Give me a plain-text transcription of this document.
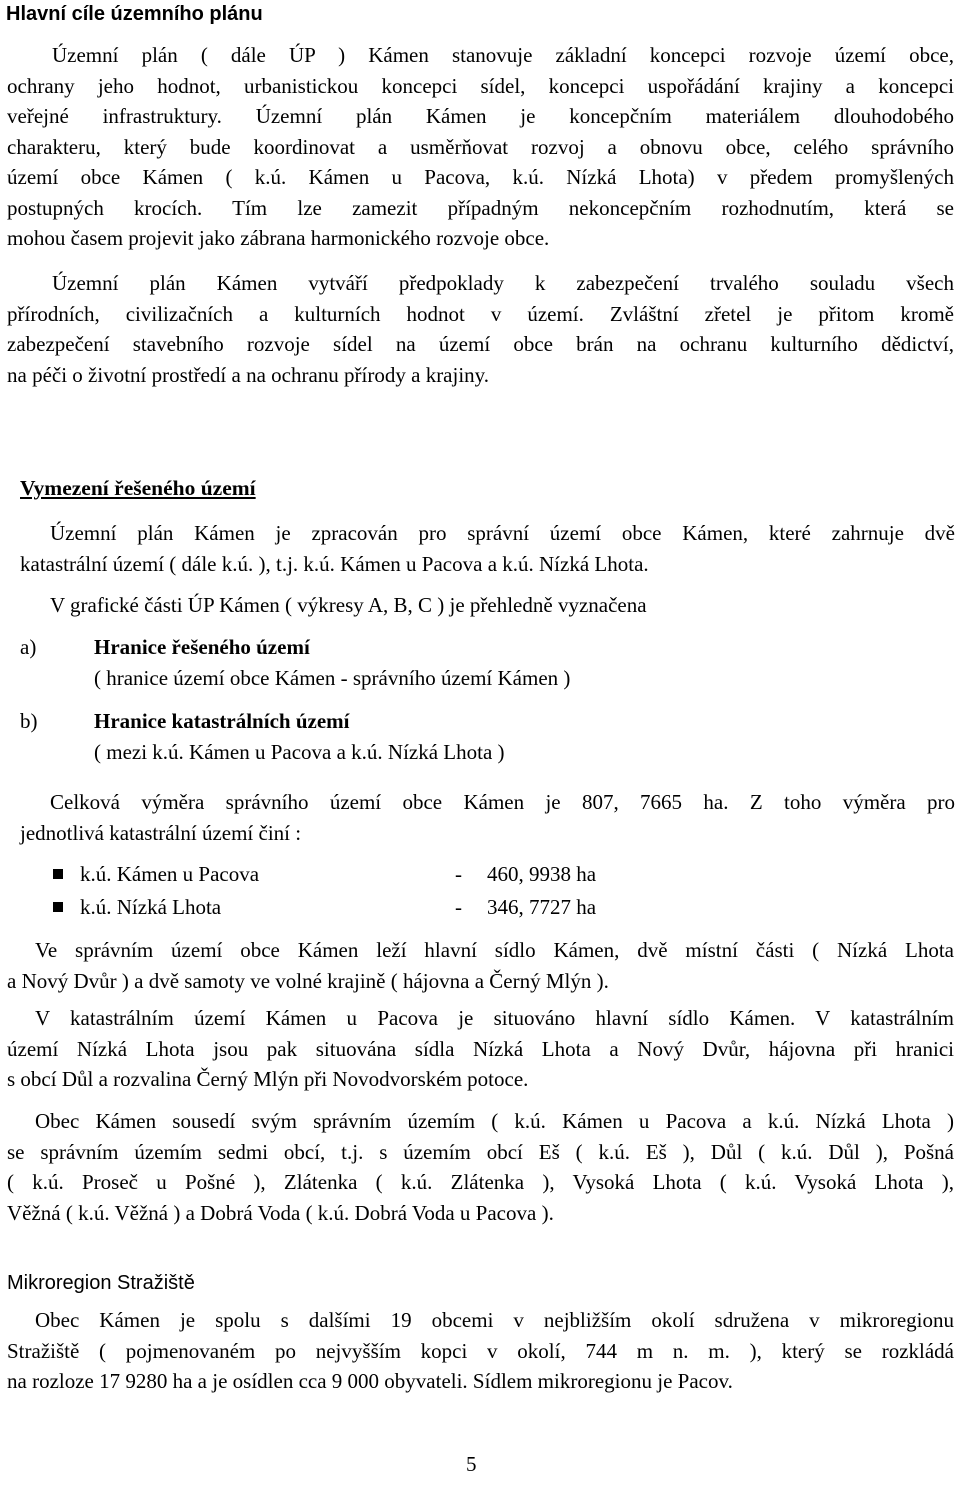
Hlavní cíle územního plánu
Územní plán ( dále ÚP ) Kámen stanovuje základní koncepci rozvoje území obce,
ochrany jeho hodnot, urbanistickou koncepci sídel, koncepci uspořádání krajiny a koncepci
veřejné infrastruktury. Územní plán Kámen je koncepčním materiálem dlouhodobého
charakteru, který bude koordinovat a usměrňovat rozvoj a obnovu obce, celého správního
území obce Kámen ( k.ú. Kámen u Pacova, k.ú. Nízká Lhota) v předem promyšlených
postupných krocích. Tím lze zamezit případným nekoncepčním rozhodnutím, která se
mohou časem projevit jako zábrana harmonického rozvoje obce.
Územní plán Kámen vytváří předpoklady k zabezpečení trvalého souladu všech
přírodních, civilizačních a kulturních hodnot v území. Zvláštní zřetel je přitom kromě
zabezpečení stavebního rozvoje sídel na území obce brán na ochranu kulturního dědictví,
na péči o životní prostředí a na ochranu přírody a krajiny.
Vymezení řešeného území
Územní plán Kámen je zpracován pro správní území obce Kámen, které zahrnuje dvě
katastrální území ( dále k.ú. ), t.j. k.ú. Kámen u Pacova a k.ú. Nízká Lhota.
V grafické části ÚP Kámen ( výkresy A, B, C ) je přehledně vyznačena
a)	Hranice řešeného území
( hranice území obce Kámen - správního území Kámen )
b)	Hranice katastrálních území
( mezi k.ú. Kámen u Pacova a k.ú. Nízká Lhota )
Celková výměra správního území obce Kámen je 807, 7665 ha. Z toho výměra pro
jednotlivá katastrální území činí :
k.ú. Kámen u Pacova	- 460, 9938 ha
k.ú. Nízká Lhota	- 346, 7727 ha
Ve správním území obce Kámen leží hlavní sídlo Kámen, dvě místní části ( Nízká Lhota
a Nový Dvůr ) a dvě samoty ve volné krajině ( hájovna a Černý Mlýn ).
V katastrálním území Kámen u Pacova je situováno hlavní sídlo Kámen. V katastrálním
území Nízká Lhota jsou pak situována sídla Nízká Lhota a Nový Dvůr, hájovna při hranici
s obcí Důl a rozvalina Černý Mlýn při Novodvorském potoce.
Obec Kámen sousedí svým správním územím ( k.ú. Kámen u Pacova a k.ú. Nízká Lhota )
se správním územím sedmi obcí, t.j. s územím obcí Eš ( k.ú. Eš ), Důl ( k.ú. Důl ), Pošná
( k.ú. Proseč u Pošné ), Zlátenka ( k.ú. Zlátenka ), Vysoká Lhota ( k.ú. Vysoká Lhota ),
Věžná ( k.ú. Věžná ) a Dobrá Voda ( k.ú. Dobrá Voda u Pacova ).
Mikroregion Stražiště
Obec Kámen je spolu s dalšími 19 obcemi v nejbližším okolí sdružena v mikroregionu
Stražiště ( pojmenovaném po nejvyšším kopci v okolí, 744 m n. m. ), který se rozkládá
na rozloze 17 9280 ha a je osídlen cca 9 000 obyvateli. Sídlem mikroregionu je Pacov.
5
